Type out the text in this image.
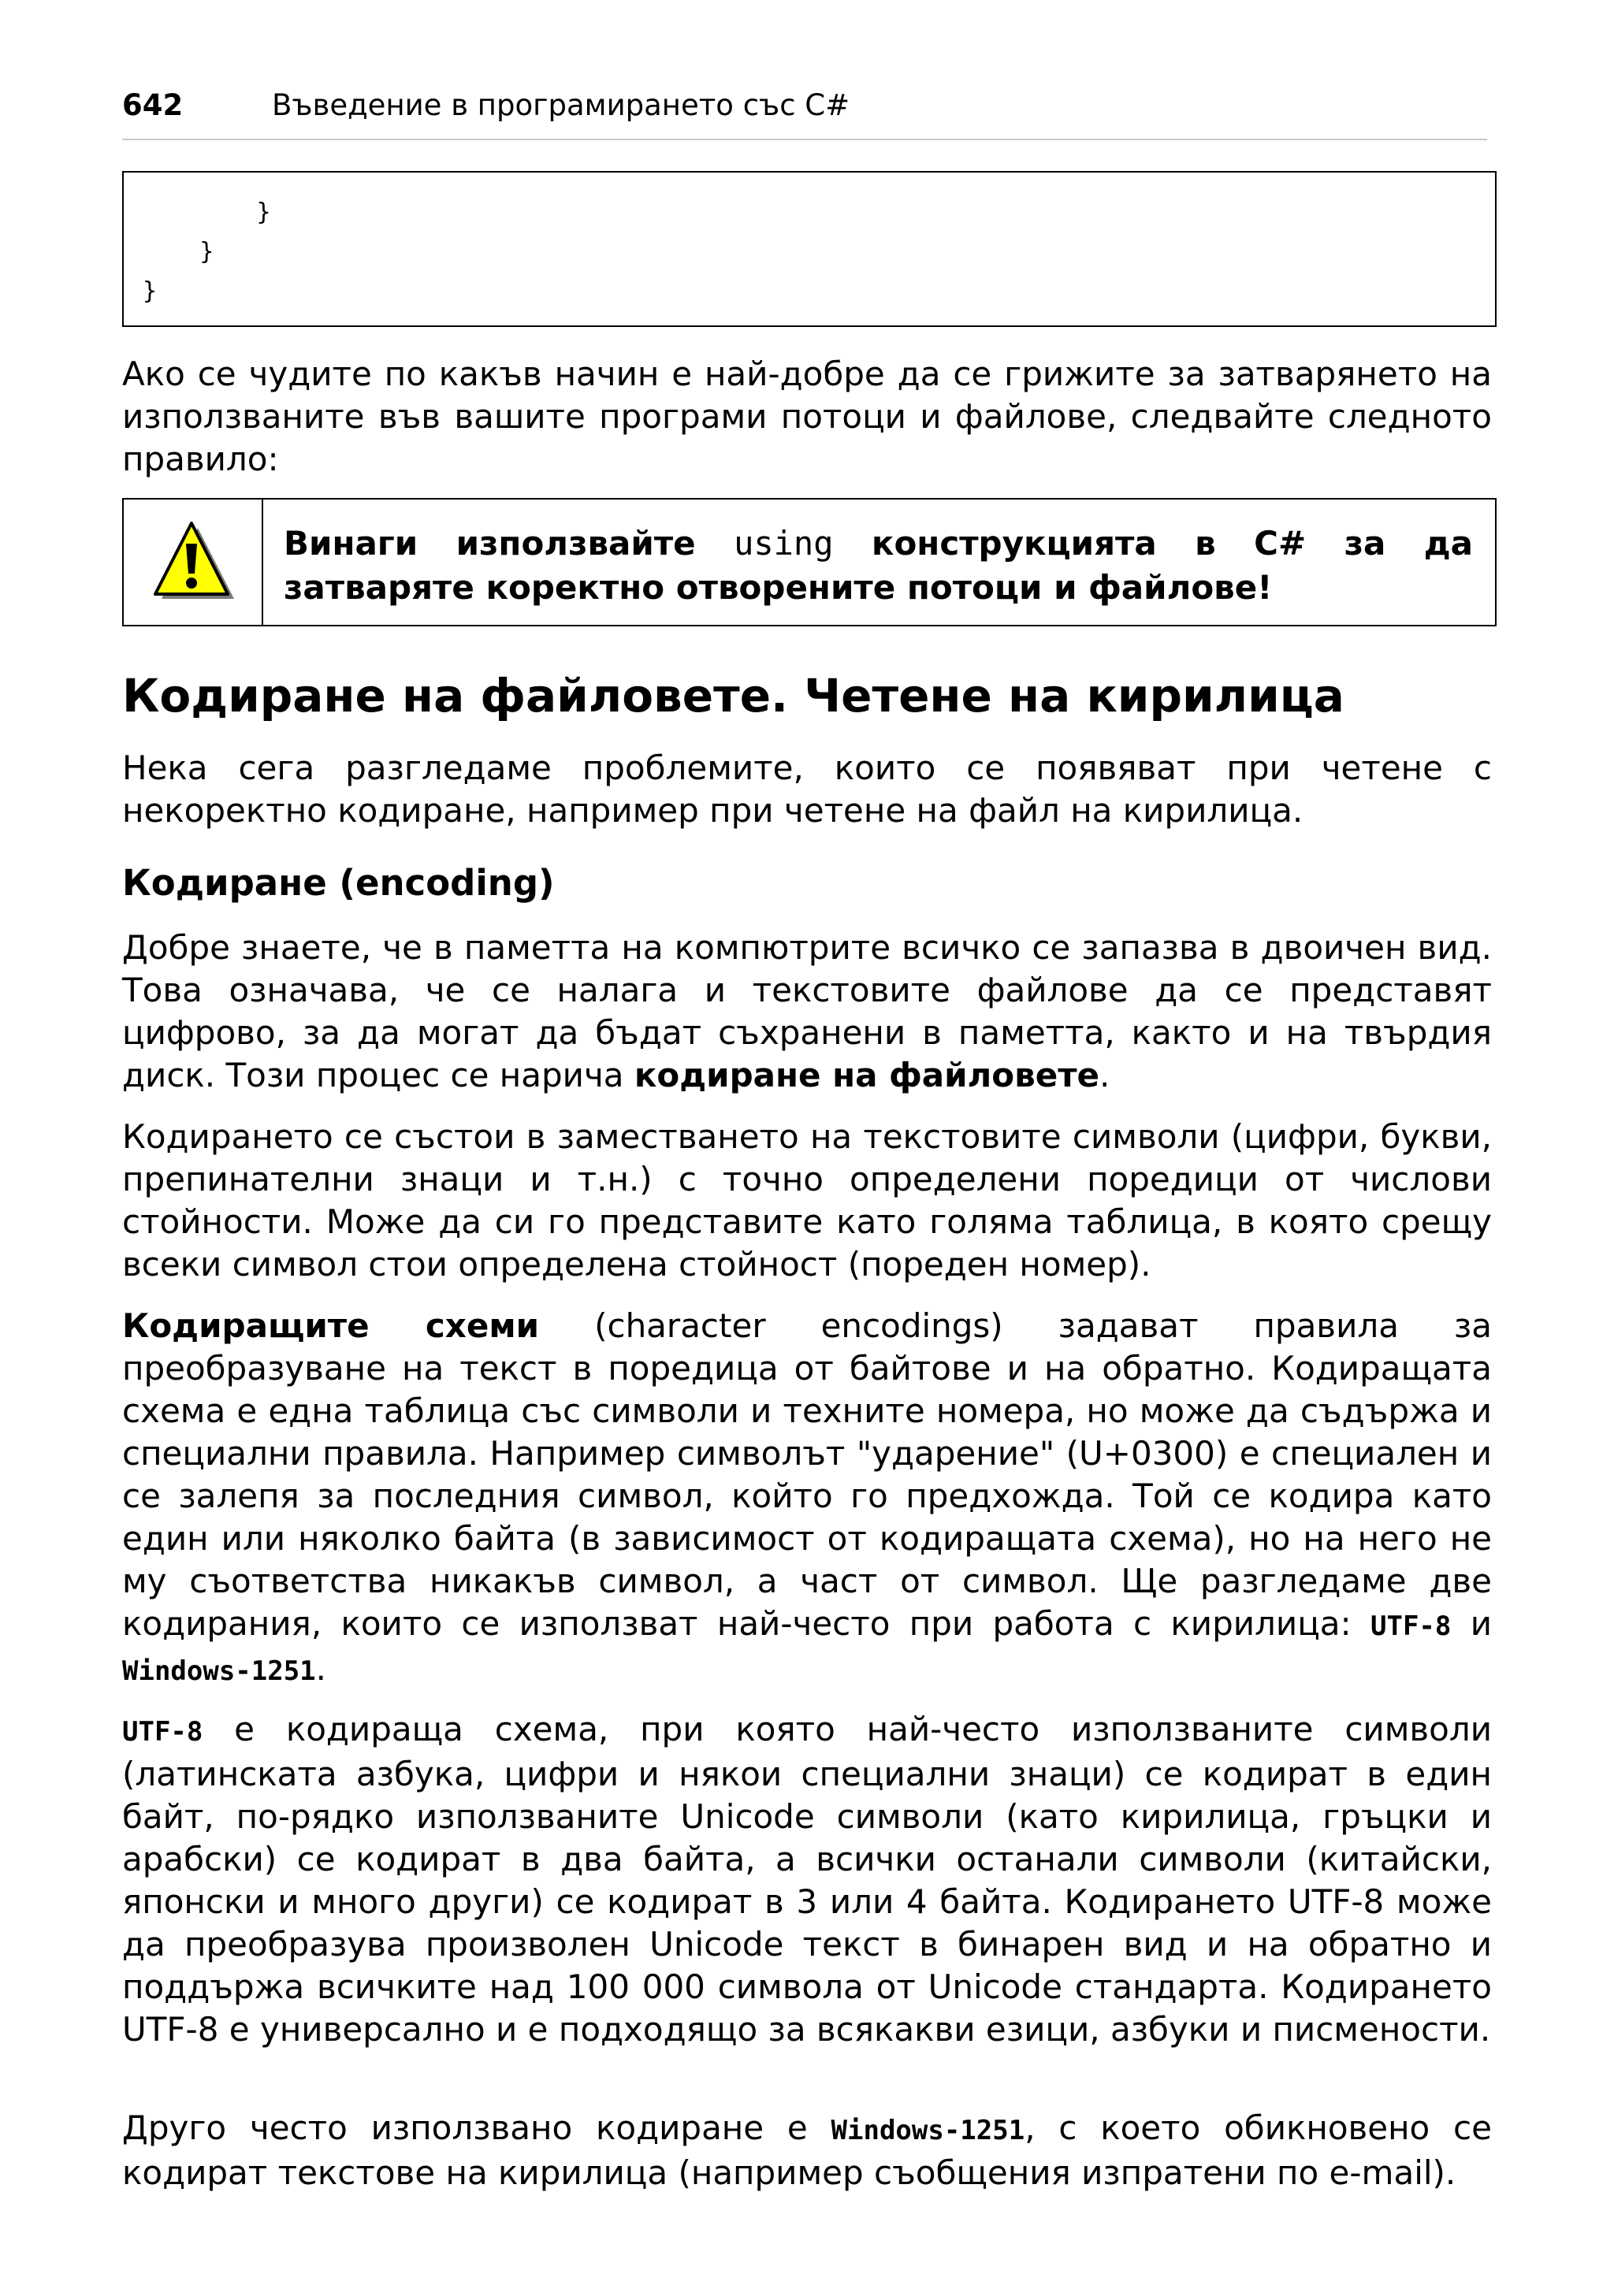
642	Въведение в програмирането със C#
}
}
}
Ако се чудите по какъв начин е най-добре да се грижите за затварянето на използваните във вашите програми потоци и файлове, следвайте следното правило:
Винаги използвайте using конструкцията в C# за да затваряте коректно отворените потоци и файлове!
Кодиране на файловете. Четене на кирилица
Нека сега разгледаме проблемите, които се появяват при четене с некоректно кодиране, например при четене на файл на кирилица.
Кодиране (encoding)
Добре знаете, че в паметта на компютрите всичко се запазва в двоичен вид. Това означава, че се налага и текстовите файлове да се представят цифрово, за да могат да бъдат съхранени в паметта, както и на твърдия диск. Този процес се нарича кодиране на файловете.
Кодирането се състои в заместването на текстовите символи (цифри, букви, препинателни знаци и т.н.) с точно определени поредици от числови стойности. Може да си го представите като голяма таблица, в която срещу всеки символ стои определена стойност (пореден номер).
Кодиращите схеми (character encodings) задават правила за преобразуване на текст в поредица от байтове и на обратно. Кодиращата схема е една таблица със символи и техните номера, но може да съдържа и специални правила. Например символът "ударение" (U+0300) е специален и се залепя за последния символ, който го предхожда. Той се кодира като един или няколко байта (в зависимост от кодиращата схема), но на него не му съответства никакъв символ, а част от символ. Ще разгледаме две кодирания, които се използват най-често при работа с кирилица: UTF-8 и Windows-1251.
UTF-8 е кодираща схема, при която най-често използваните символи (латинската азбука, цифри и някои специални знаци) се кодират в един байт, по-рядко използваните Unicode символи (като кирилица, гръцки и арабски) се кодират в два байта, а всички останали символи (китайски, японски и много други) се кодират в 3 или 4 байта. Кодирането UTF-8 може да преобразува произволен Unicode текст в бинарен вид и на обратно и поддържа всичките над 100 000 символа от Unicode стандарта. Кодирането UTF-8 е универсално и е подходящо за всякакви езици, азбуки и писмености.
Друго често използвано кодиране е Windows-1251, с което обикновено се кодират текстове на кирилица (например съобщения изпратени по e-mail).
